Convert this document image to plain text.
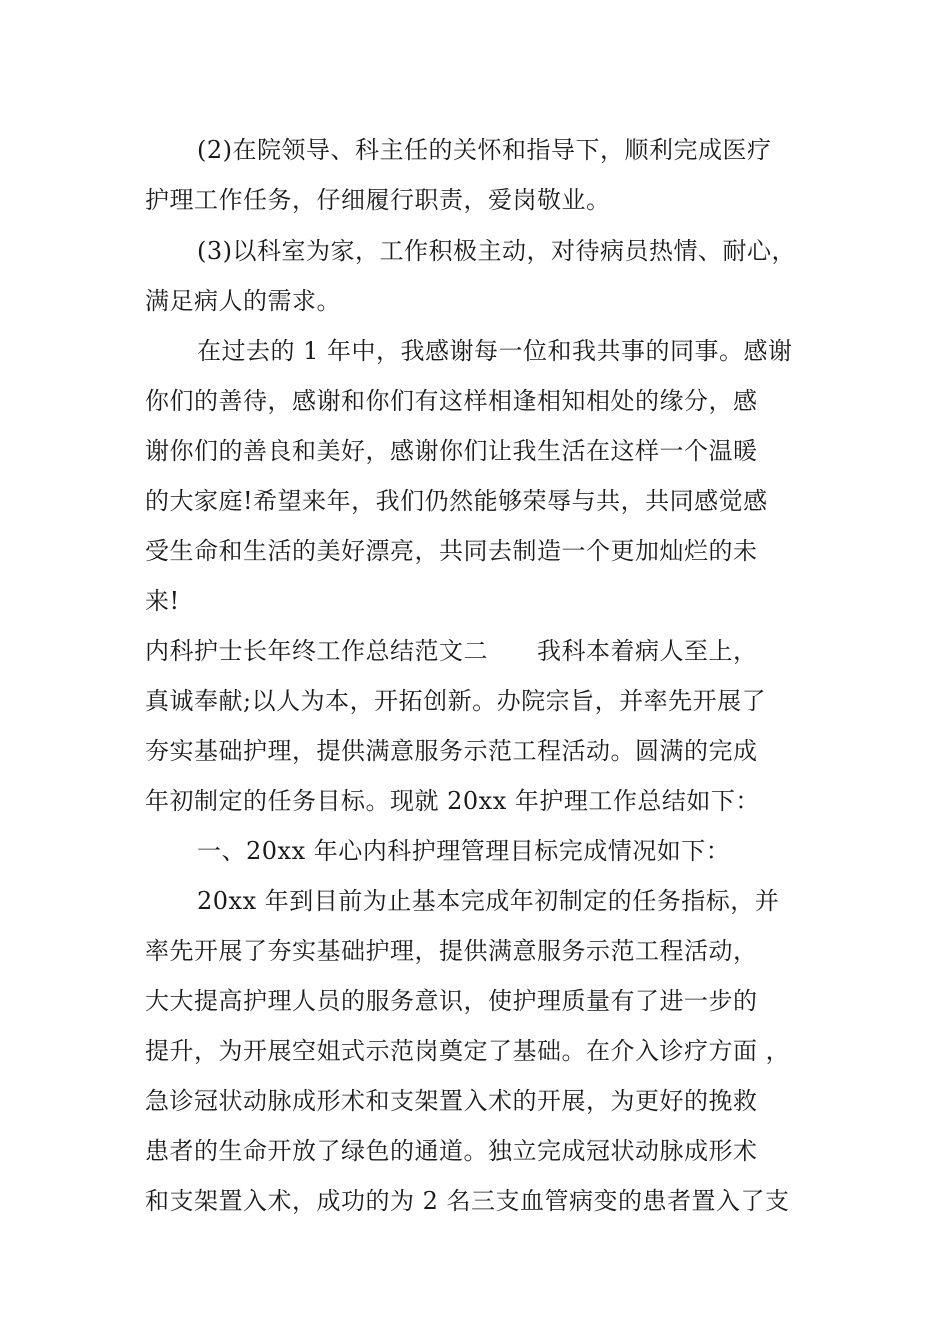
(2)在院领导、科主任的关怀和指导下，顺利完成医疗
护理工作任务，仔细履行职责，爱岗敬业。
(3)以科室为家，工作积极主动，对待病员热情、耐心，
满足病人的需求。
在过去的 1 年中，我感谢每一位和我共事的同事。感谢
你们的善待，感谢和你们有这样相逢相知相处的缘分，感
谢你们的善良和美好，感谢你们让我生活在这样一个温暖
的大家庭!希望来年，我们仍然能够荣辱与共，共同感觉感
受生命和生活的美好漂亮，共同去制造一个更加灿烂的未
来!
内科护士长年终工作总结范文二　　我科本着病人至上，
真诚奉献;以人为本，开拓创新。办院宗旨，并率先开展了
夯实基础护理，提供满意服务示范工程活动。圆满的完成
年初制定的任务目标。现就 20xx 年护理工作总结如下：
一、20xx 年心内科护理管理目标完成情况如下：
20xx 年到目前为止基本完成年初制定的任务指标，并
率先开展了夯实基础护理，提供满意服务示范工程活动，
大大提高护理人员的服务意识，使护理质量有了进一步的
提升，为开展空姐式示范岗奠定了基础。在介入诊疗方面 ，
急诊冠状动脉成形术和支架置入术的开展，为更好的挽救
患者的生命开放了绿色的通道。独立完成冠状动脉成形术
和支架置入术，成功的为 2 名三支血管病变的患者置入了支
